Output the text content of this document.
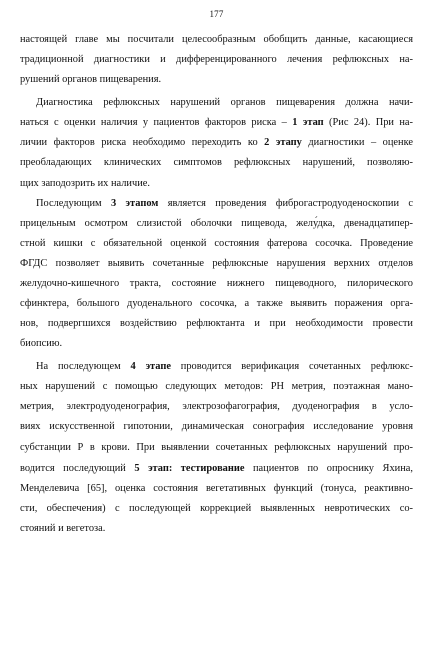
177
настоящей главе мы посчитали целесообразным обобщить данные, касающиеся
традиционной диагностики и дифференцированного лечения рефлюксных на-
рушений органов пищеварения.
Диагностика рефлюксных нарушений органов пищеварения должна начи-
наться с оценки наличия у пациентов факторов риска – 1 этап (Рис 24). При на-
личии факторов риска необходимо переходить ко 2 этапу диагностики – оценке
преобладающих клинических симптомов рефлюксных нарушений, позволяю-
щих заподозрить их наличие.
Последующим 3 этапом является проведения фиброгастродуоденоскопии с
прицельным осмотром слизистой оболочки пищевода, желу́дка, двенадцатипер-
стной кишки с обязательной оценкой состояния фатерова сосочка. Проведение
ФГДС позволяет выявить сочетанные рефлюксные нарушения верхних отделов
желудочно-кишечного тракта, состояние нижнего пищеводного, пилорического
сфинктера, большого дуоденального сосочка, а также выявить поражения орга-
нов, подвергшихся воздействию рефлюктанта и при необходимости провести
биопсию.
На последующем 4 этапе проводится верификация сочетанных рефлюкс-
ных нарушений с помощью следующих методов: PH метрия, поэтажная мано-
метрия, электродуоденография, электрозофагография, дуоденография в усло-
виях искусственной гипотонии, динамическая сонография исследование уровня
субстанции Р в крови. При выявлении сочетанных рефлюксных нарушений про-
водится последующий 5 этап: тестирование пациентов по опроснику Яхина,
Менделевича [65], оценка состояния вегетативных функций (тонуса, реактивно-
сти, обеспечения) с последующей коррекцией выявленных невротических со-
стояний и вегетоза.
